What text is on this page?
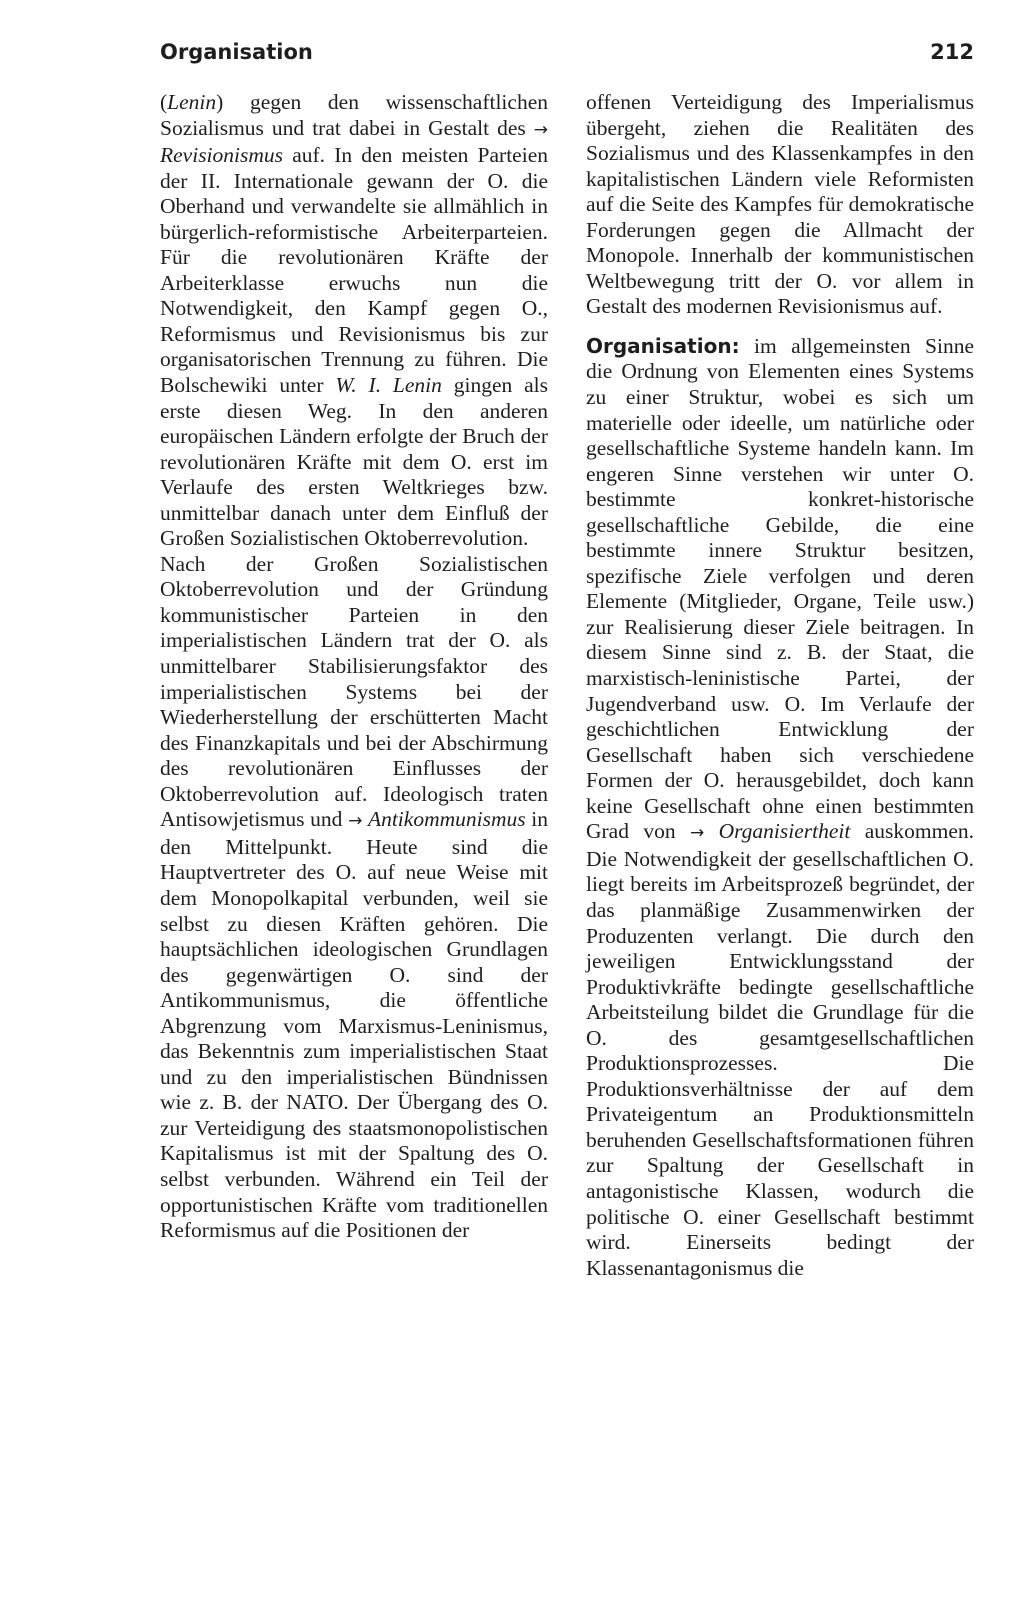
Organisation	212

(Lenin) gegen den wissenschaftlichen Sozialismus und trat dabei in Gestalt des → Revisionismus auf. In den meisten Parteien der II. Internationale gewann der O. die Oberhand und verwandelte sie allmählich in bürgerlich-reformistische Arbeiterparteien. Für die revolutionären Kräfte der Arbeiterklasse erwuchs nun die Notwendigkeit, den Kampf gegen O., Reformismus und Revisionismus bis zur organisatorischen Trennung zu führen. Die Bolschewiki unter W. I. Lenin gingen als erste diesen Weg. In den anderen europäischen Ländern erfolgte der Bruch der revolutionären Kräfte mit dem O. erst im Verlaufe des ersten Weltkrieges bzw. unmittelbar danach unter dem Einfluß der Großen Sozialistischen Oktoberrevolution.

Nach der Großen Sozialistischen Oktoberrevolution und der Gründung kommunistischer Parteien in den imperialistischen Ländern trat der O. als unmittelbarer Stabilisierungsfaktor des imperialistischen Systems bei der Wiederherstellung der erschütterten Macht des Finanzkapitals und bei der Abschirmung des revolutionären Einflusses der Oktoberrevolution auf. Ideologisch traten Antisowjetismus und → Antikommunismus in den Mittelpunkt. Heute sind die Hauptvertreter des O. auf neue Weise mit dem Monopolkapital verbunden, weil sie selbst zu diesen Kräften gehören. Die hauptsächlichen ideologischen Grundlagen des gegenwärtigen O. sind der Antikommunismus, die öffentliche Abgrenzung vom Marxismus-Leninismus, das Bekenntnis zum imperialistischen Staat und zu den imperialistischen Bündnissen wie z. B. der NATO. Der Übergang des O. zur Verteidigung des staatsmonopolistischen Kapitalismus ist mit der Spaltung des O. selbst verbunden. Während ein Teil der opportunistischen Kräfte vom traditionellen Reformismus auf die Positionen der

offenen Verteidigung des Imperialismus übergeht, ziehen die Realitäten des Sozialismus und des Klassenkampfes in den kapitalistischen Ländern viele Reformisten auf die Seite des Kampfes für demokratische Forderungen gegen die Allmacht der Monopole. Innerhalb der kommunistischen Weltbewegung tritt der O. vor allem in Gestalt des modernen Revisionismus auf.

Organisation: im allgemeinsten Sinne die Ordnung von Elementen eines Systems zu einer Struktur, wobei es sich um materielle oder ideelle, um natürliche oder gesellschaftliche Systeme handeln kann. Im engeren Sinne verstehen wir unter O. bestimmte konkret-historische gesellschaftliche Gebilde, die eine bestimmte innere Struktur besitzen, spezifische Ziele verfolgen und deren Elemente (Mitglieder, Organe, Teile usw.) zur Realisierung dieser Ziele beitragen. In diesem Sinne sind z. B. der Staat, die marxistisch-leninistische Partei, der Jugendverband usw. O. Im Verlaufe der geschichtlichen Entwicklung der Gesellschaft haben sich verschiedene Formen der O. herausgebildet, doch kann keine Gesellschaft ohne einen bestimmten Grad von → Organisiertheit auskommen. Die Notwendigkeit der gesellschaftlichen O. liegt bereits im Arbeitsprozeß begründet, der das planmäßige Zusammenwirken der Produzenten verlangt. Die durch den jeweiligen Entwicklungsstand der Produktivkräfte bedingte gesellschaftliche Arbeitsteilung bildet die Grundlage für die O. des gesamtgesellschaftlichen Produktionsprozesses. Die Produktionsverhältnisse der auf dem Privateigentum an Produktionsmitteln beruhenden Gesellschaftsformationen führen zur Spaltung der Gesellschaft in antagonistische Klassen, wodurch die politische O. einer Gesellschaft bestimmt wird. Einerseits bedingt der Klassenantagonismus die
